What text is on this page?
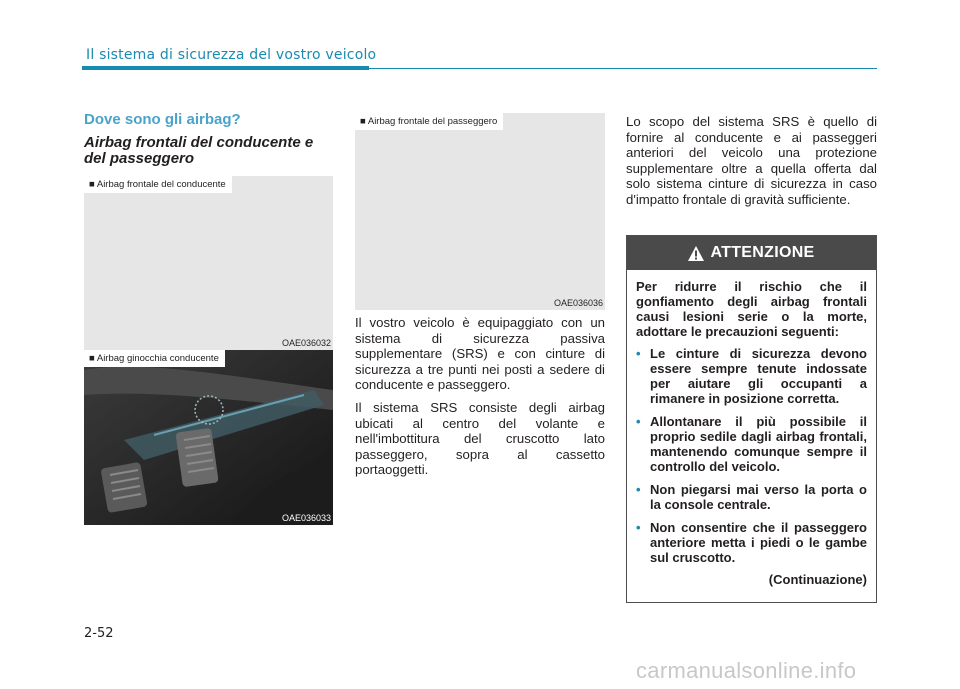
Il sistema di sicurezza del vostro veicolo
Dove sono gli airbag?
Airbag frontali del conducente e del passeggero
■ Airbag frontale del conducente
OAE036032
■ Airbag ginocchia conducente
OAE036033
■ Airbag frontale del passeggero
OAE036036

Il vostro veicolo è equipaggiato con un sistema di sicurezza passiva supplementare (SRS) e con cinture di sicurezza a tre punti nei posti a sedere di conducente e passeggero.

Il sistema SRS consiste degli airbag ubicati al centro del volante e nell'imbottitura del cruscotto lato passeggero, sopra al cassetto portaoggetti.

Lo scopo del sistema SRS è quello di fornire al conducente e ai passeggeri anteriori del veicolo una protezione supplementare oltre a quella offerta dal solo sistema cinture di sicurezza in caso d'impatto frontale di gravità sufficiente.

ATTENZIONE

Per ridurre il rischio che il gonfiamento degli airbag frontali causi lesioni serie o la morte, adottare le precauzioni seguenti:

• Le cinture di sicurezza devono essere sempre tenute indossate per aiutare gli occupanti a rimanere in posizione corretta.
• Allontanare il più possibile il proprio sedile dagli airbag frontali, mantenendo comunque sempre il controllo del veicolo.
• Non piegarsi mai verso la porta o la console centrale.
• Non consentire che il passeggero anteriore metta i piedi o le gambe sul cruscotto.
(Continuazione)
2-52
carmanualsonline.info
